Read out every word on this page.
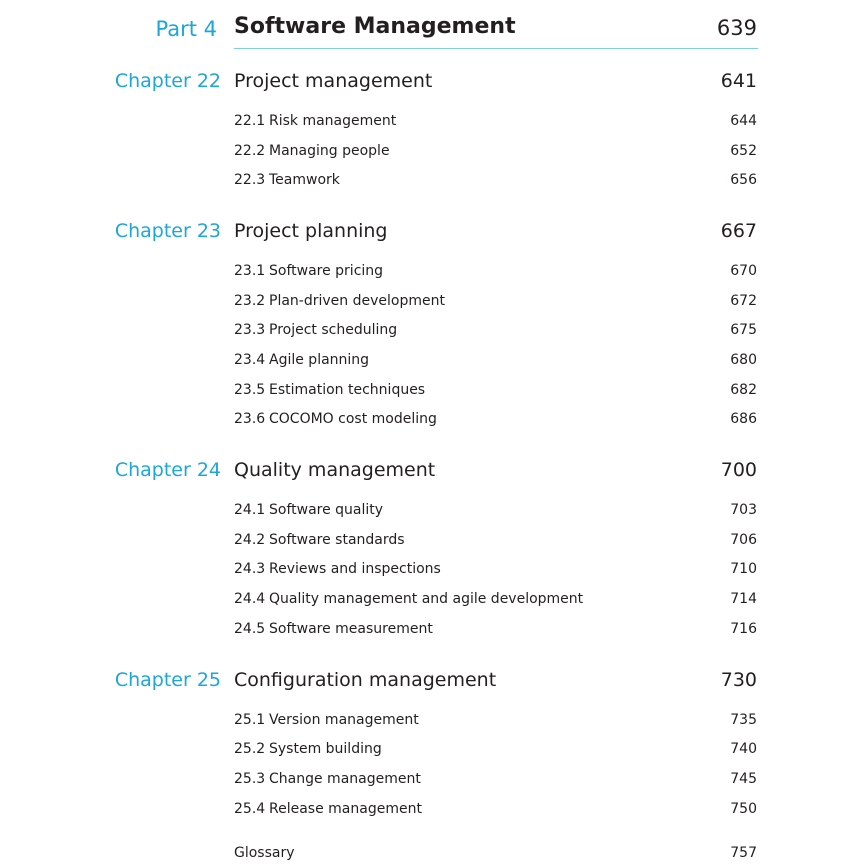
Part 4 Software Management	639
Chapter 22 Project management	641
22.1 Risk management	644
22.2 Managing people	652
22.3 Teamwork	656
Chapter 23 Project planning	667
23.1 Software pricing	670
23.2 Plan-driven development	672
23.3 Project scheduling	675
23.4 Agile planning	680
23.5 Estimation techniques	682
23.6 COCOMO cost modeling	686
Chapter 24 Quality management	700
24.1 Software quality	703
24.2 Software standards	706
24.3 Reviews and inspections	710
24.4 Quality management and agile development	714
24.5 Software measurement	716
Chapter 25 Configuration management	730
25.1 Version management	735
25.2 System building	740
25.3 Change management	745
25.4 Release management	750
Glossary	757
